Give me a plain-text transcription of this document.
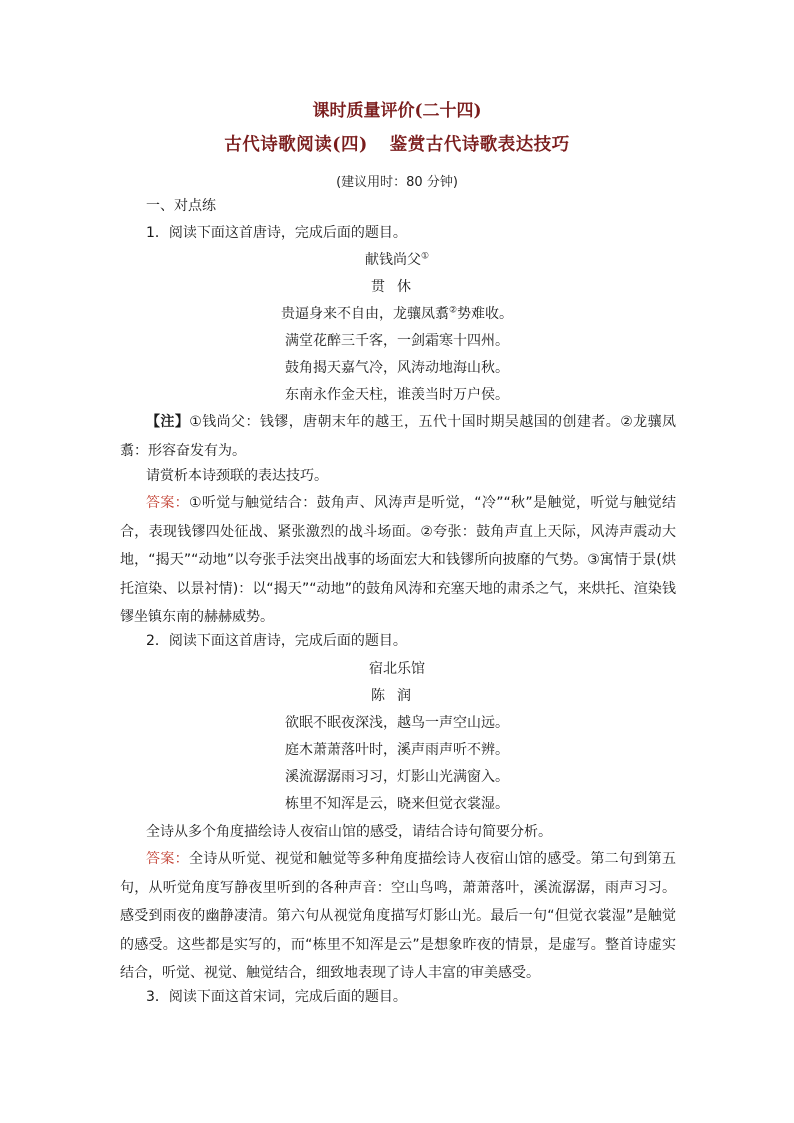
课时质量评价(二十四)
古代诗歌阅读(四) 鉴赏古代诗歌表达技巧
(建议用时：80 分钟)
一、对点练
1．阅读下面这首唐诗，完成后面的题目。
献钱尚父①
贯休
贵逼身来不自由，龙骧凤翥②势难收。
满堂花醉三千客，一剑霜寒十四州。
鼓角揭天嘉气冷，风涛动地海山秋。
东南永作金天柱，谁羡当时万户侯。
【注】①钱尚父：钱镠，唐朝末年的越王，五代十国时期吴越国的创建者。②龙骧凤翥：形容奋发有为。
请赏析本诗颈联的表达技巧。
答案：①听觉与触觉结合：鼓角声、风涛声是听觉，“冷”“秋”是触觉，听觉与触觉结合，表现钱镠四处征战、紧张激烈的战斗场面。②夸张：鼓角声直上天际，风涛声震动大地，“揭天”“动地”以夸张手法突出战事的场面宏大和钱镠所向披靡的气势。③寓情于景(烘托渲染、以景衬情)：以“揭天”“动地”的鼓角风涛和充塞天地的肃杀之气，来烘托、渲染钱镠坐镇东南的赫赫威势。
2．阅读下面这首唐诗，完成后面的题目。
宿北乐馆
陈润
欲眠不眠夜深浅，越鸟一声空山远。
庭木萧萧落叶时，溪声雨声听不辨。
溪流潺潺雨习习，灯影山光满窗入。
栋里不知浑是云，晓来但觉衣裳湿。
全诗从多个角度描绘诗人夜宿山馆的感受，请结合诗句简要分析。
答案：全诗从听觉、视觉和触觉等多种角度描绘诗人夜宿山馆的感受。第二句到第五句，从听觉角度写静夜里听到的各种声音：空山鸟鸣，萧萧落叶，溪流潺潺，雨声习习。感受到雨夜的幽静凄清。第六句从视觉角度描写灯影山光。最后一句“但觉衣裳湿”是触觉的感受。这些都是实写的，而“栋里不知浑是云”是想象昨夜的情景，是虚写。整首诗虚实结合，听觉、视觉、触觉结合，细致地表现了诗人丰富的审美感受。
3．阅读下面这首宋词，完成后面的题目。
